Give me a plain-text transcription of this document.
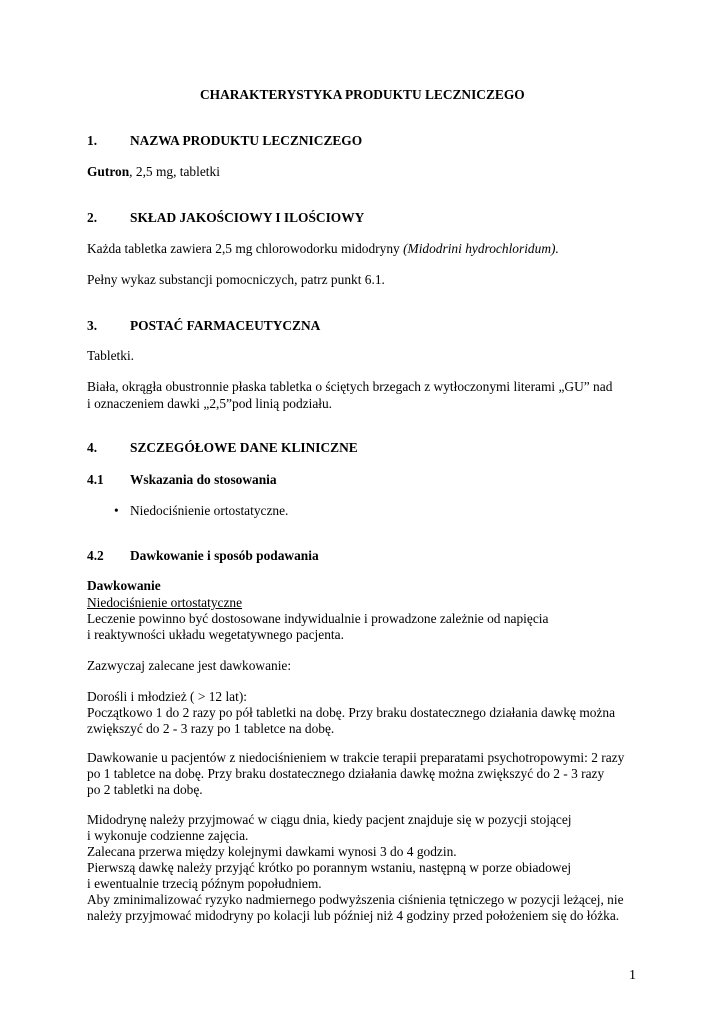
CHARAKTERYSTYKA PRODUKTU LECZNICZEGO
1. NAZWA PRODUKTU LECZNICZEGO
Gutron, 2,5 mg, tabletki
2. SKŁAD JAKOŚCIOWY I ILOŚCIOWY
Każda tabletka zawiera 2,5 mg chlorowodorku midodryny (Midodrini hydrochloridum).
Pełny wykaz substancji pomocniczych, patrz punkt 6.1.
3. POSTAĆ FARMACEUTYCZNA
Tabletki.
Biała, okrągła obustronnie płaska tabletka o ściętych brzegach z wytłoczonymi literami „GU” nad
i oznaczeniem dawki „2,5”pod linią podziału.
4. SZCZEGÓŁOWE DANE KLINICZNE
4.1 Wskazania do stosowania
• Niedociśnienie ortostatyczne.
4.2 Dawkowanie i sposób podawania
Dawkowanie
Niedociśnienie ortostatyczne
Leczenie powinno być dostosowane indywidualnie i prowadzone zależnie od napięcia
i reaktywności układu wegetatywnego pacjenta.
Zazwyczaj zalecane jest dawkowanie:
Dorośli i młodzież ( > 12 lat):
Początkowo 1 do 2 razy po pół tabletki na dobę. Przy braku dostatecznego działania dawkę można
zwiększyć do 2 - 3 razy po 1 tabletce na dobę.
Dawkowanie u pacjentów z niedociśnieniem w trakcie terapii preparatami psychotropowymi: 2 razy
po 1 tabletce na dobę. Przy braku dostatecznego działania dawkę można zwiększyć do 2 - 3 razy
po 2 tabletki na dobę.
Midodrynę należy przyjmować w ciągu dnia, kiedy pacjent znajduje się w pozycji stojącej
i wykonuje codzienne zajęcia.
Zalecana przerwa między kolejnymi dawkami wynosi 3 do 4 godzin.
Pierwszą dawkę należy przyjąć krótko po porannym wstaniu, następną w porze obiadowej
i ewentualnie trzecią późnym popołudniem.
Aby zminimalizować ryzyko nadmiernego podwyższenia ciśnienia tętniczego w pozycji leżącej, nie
należy przyjmować midodryny po kolacji lub później niż 4 godziny przed położeniem się do łóżka.
1
